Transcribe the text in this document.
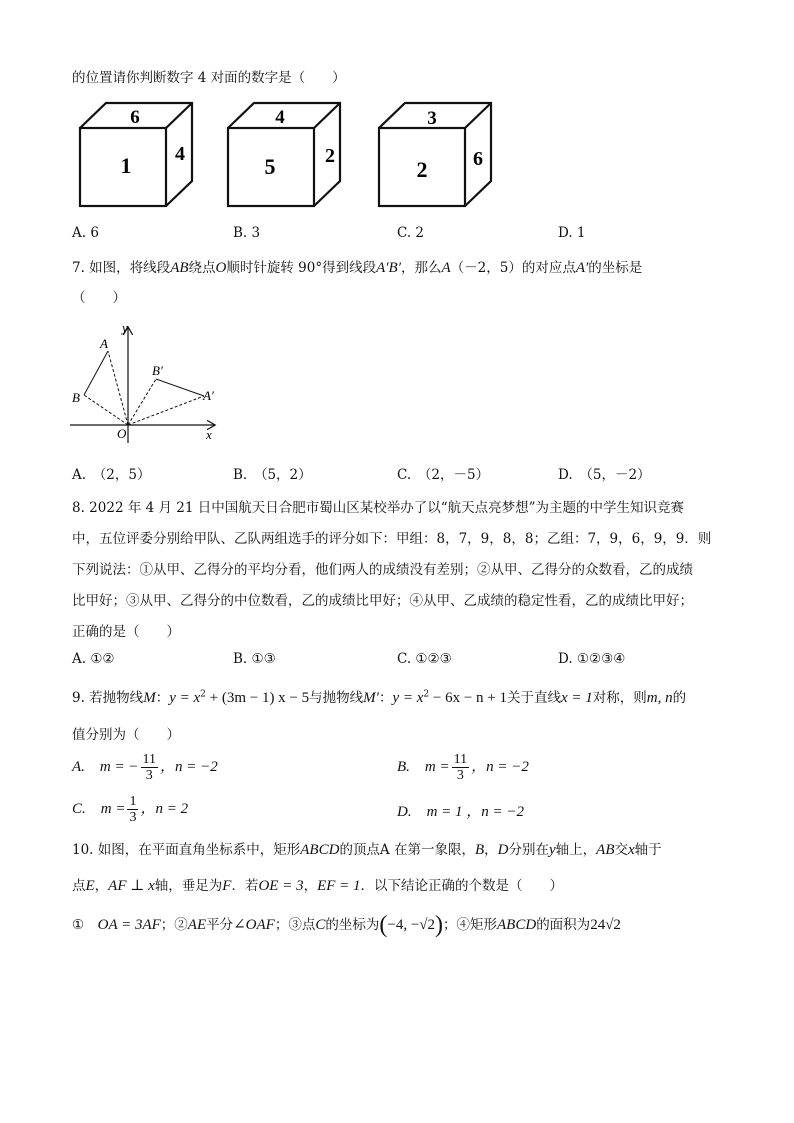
的位置请你判断数字 4 对面的数字是（　　）
6
1 4
4
5 2
3
2 6
A. 6	B. 3	C. 2	D. 1
7. 如图，将线段AB绕点O顺时针旋转 90°得到线段A′B′，那么A（－2，5）的对应点A′的坐标是
（　　）
y
x
O
A
B
B′
A′
A.　（2，5）	B.　（5，2）	C.　（2，－5）	D.　（5，－2）
8. 2022 年 4 月 21 日中国航天日合肥市蜀山区某校举办了以“航天点亮梦想”为主题的中学生知识竞赛
中，五位评委分别给甲队、乙队两组选手的评分如下：甲组：8，7，9，8，8；乙组：7，9，6，9，9．则
下列说法：①从甲、乙得分的平均分看，他们两人的成绩没有差别；②从甲、乙得分的众数看，乙的成绩
比甲好；③从甲、乙得分的中位数看，乙的成绩比甲好；④从甲、乙成绩的稳定性看，乙的成绩比甲好；
正确的是（　　）
A. ①②	B. ①③	C. ①②③	D. ①②③④
9. 若抛物线M：$y = x^2 + (3m - 1) x - 5$与抛物线M′：$y = x^2 - 6x - n + 1$关于直线x = 1对称，则m, n的
值分别为（　　）
A.　m = − $\frac{11}{3}$ ，n = −2	B.　$m = \frac{11}{3}$ ，n = −2
C.　$m = \frac{1}{3}$ ，n = 2	D.　m = 1 ，n = −2
10. 如图，在平面直角坐标系中，矩形ABCD的顶点A 在第一象限，B，D分别在y轴上，AB交x轴于
点E，AF ⊥ x轴，垂足为F．若OE = 3，EF = 1．以下结论正确的个数是（　　）
①　OA = 3AF；②AE平分∠OAF；③点C的坐标为(−4, −√2)；④矩形ABCD的面积为24√2
